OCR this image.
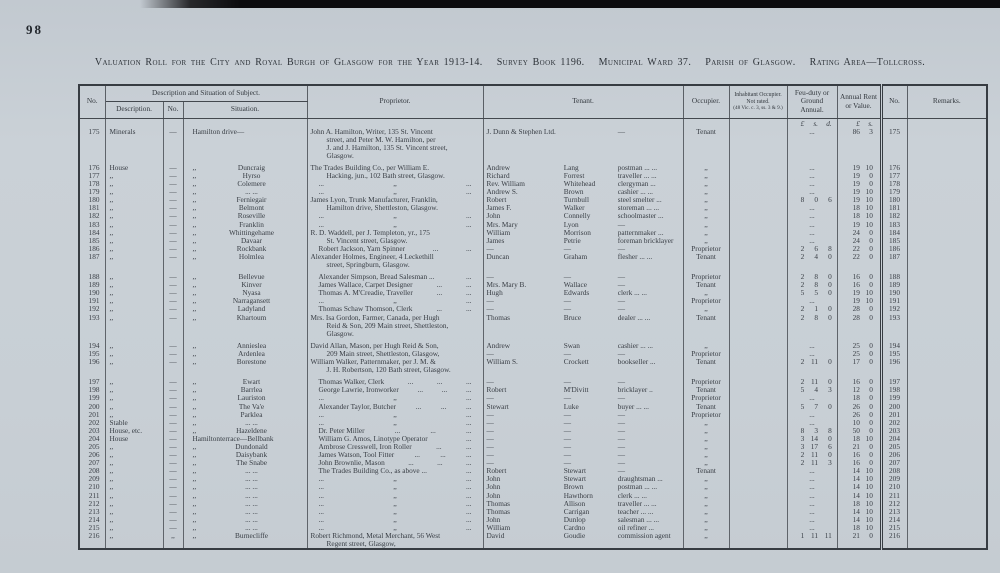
98
Valuation Roll for the City and Royal Burgh of Glasgow for the Year 1913-14. Survey Book 1196. Municipal Ward 37. Parish of Glasgow. Rating Area—Tollcross.
No.	Description and Situation of Subject.			Proprietor.	Tenant.	Occupier.	Inhabitant Occupier.
Not rated.
(48 Vic. c. 3, ss. 3 & 9.)	Feu-duty or Ground Annual.	Annual Rent or Value.	No.	Remarks.
	Description.	No.	Situation.								
								£ s. d.	£ s.		
175	Minerals	—	Hamilton drive—	John A. Hamilton, Writer, 135 St. Vincent
street, and Peter M. W. Hamilton, per
J. and J. Hamilton, 135 St. Vincent street,
Glasgow.	J. Dunn & Stephen Ltd. —	Tenant		...	86 3	175	
176	House	—	,, Duncraig	The Trades Building Co., per William E.	Andrew Lang postman ... ...	,,		...	19 10	176	
177	,,	—	,, Hyrso	Hacking, jun., 102 Bath street, Glasgow.	Richard Forrest traveller ... ...	,,		...	19 0	177	
178	,,	—	,, Colemere	... ,, ...	Rev. William Whitehead clergyman ...	,,		...	19 0	178	
179	,,	—	,, ... ...	... ,, ...	Andrew S. Brown cashier ... ...	,,		...	19 10	179	
180	,,	—	,, Ferniegair	James Lyon, Trunk Manufacturer, Franklin,	Robert Turnbull steel smelter ...	,,		8 0 6	19 10	180	
181	,,	—	,, Belmont	Hamilton drive, Shettleston, Glasgow.	James F. Walker storeman ... ...	,,		...	18 10	181	
182	,,	—	,, Roseville	... ,, ...	John Connelly schoolmaster ...	,,		...	18 10	182	
183	,,	—	,, Franklin	... ,, ...	Mrs. Mary Lyon —	,,		...	19 10	183	
184	,,	—	,, Whittingehame	R. D. Waddell, per J. Templeton, yr., 175	William Morrison patternmaker ...	,,		...	24 0	184	
185	,,	—	,, Davaar	St. Vincent street, Glasgow.	James Petrie foreman bricklayer	,,		...	24 0	185	
186	,,	—	,, Rockbank	Robert Jackson, Yarn Spinner ... ...	— — —	Proprietor		2 6 8	22 0	186	
187	,,	—	,, Holmlea	Alexander Holmes, Engineer, 4 Leckethill
street, Springburn, Glasgow.	Duncan Graham flesher ... ...	Tenant		2 4 0	22 0	187	
188	,,	—	,, Bellevue	Alexander Simpson, Bread Salesman ... ...	— — —	Proprietor		2 8 0	16 0	188	
189	,,	—	,, Kinver	James Wallace, Carpet Designer ... ...	Mrs. Mary B. Wallace —	Tenant		2 8 0	16 0	189	
190	,,	—	,, Nyasa	Thomas A. M'Creadie, Traveller ... ...	Hugh Edwards clerk ... ...	,,		5 5 0	19 10	190	
191	,,	—	,, Narragansett	... ,, ...	— — —	Proprietor		...	19 10	191	
192	,,	—	,, Ladyland	Thomas Schaw Thomson, Clerk ... ...	— — —	,,		2 1 0	28 0	192	
193	,,	—	,, Khartoum	Mrs. Isa Gordon, Farmer, Canada, per Hugh
Reid & Son, 209 Main street, Shettleston,
Glasgow.	Thomas Bruce dealer ... ...	Tenant		2 8 0	28 0	193	
194	,,	—	,, Annieslea	David Allan, Mason, per Hugh Reid & Son,	Andrew Swan cashier ... ...	,,		...	25 0	194	
195	,,	—	,, Ardenlea	209 Main street, Shettleston, Glasgow,	— — —	Proprietor		...	25 0	195	
196	,,	—	,, Borestone	William Walker, Patternmaker, per J. M. &
J. H. Robertson, 120 Bath street, Glasgow.	William S. Crockett bookseller ...	Tenant		2 11 0	17 0	196	
197	,,	—	,, Ewart	Thomas Walker, Clerk ... ... ...	— — —	Proprietor		2 11 0	16 0	197	
198	,,	—	,, Barrlea	George Lawrie, Ironworker ... ... ...	Robert M'Divitt bricklayer ..	Tenant		5 4 3	12 0	198	
199	,,	—	,, Lauriston	... ,, ...	— — —	Proprietor		...	18 0	199	
200	,,	—	,, The Va'e	Alexander Taylor, Butcher ... ... ...	Stewart Luke buyer ... ...	Tenant		5 7 0	26 0	200	
201	,,	—	,, Parklea	... ,, ...	— — —	Proprietor		...	26 0	201	
202	Stable	—	,, ... ...	... ,, ...	— — —	,,		...	10 0	202	
203	House, etc.	—	,, Hazeldene	Dr. Peter Miller ... ... ...	— — —	,,		8 3 8	50 0	203	
204	House	—	Hamiltonterrace—Bellbank	William G. Amos, Linotype Operator ...	— — —	,,		3 14 0	18 10	204	
205	,,	—	,, Dundonald	Ambrose Cresswell, Iron Roller ... ...	— — —	,,		3 17 6	21 0	205	
206	,,	—	,, Daisybank	James Watson, Tool Fitter ... ... ...	— — —	,,		2 11 0	16 0	206	
207	,,	—	,, The Snabe	John Brownlie, Mason ... ... ...	— — —	,,		2 11 3	16 0	207	
208	,,	—	,, ... ...	The Trades Building Co., as above ... ...	Robert Stewart —	Tenant		...	14 10	208	
209	,,	—	,, ... ...	... ,, ...	John Stewart draughtsman ...	,,		...	14 10	209	
210	,,	—	,, ... ...	... ,, ...	John Brown postman ... ...	,,		...	14 10	210	
211	,,	—	,, ... ...	... ,, ...	John Hawthorn clerk ... ...	,,		...	14 10	211	
212	,,	—	,, ... ...	... ,, ...	Thomas Allison traveller ... ...	,,		...	18 10	212	
213	,,	—	,, ... ...	... ,, ...	Thomas Carrigan teacher ... ...	,,		...	14 10	213	
214	,,	—	,, ... ...	... ,, ...	John Dunlop salesman ... ...	,,		...	14 10	214	
215	,,	—	,, ... ...	... ,, ...	William Cardno oil refiner ...	,,		...	18 10	215	
216	,,	,,	,, Burnecliffe	Robert Richmond, Metal Merchant, 56 West
Regent street, Glasgow,	David Goudie commission agent	,,		1 11 11	21 0	216	
